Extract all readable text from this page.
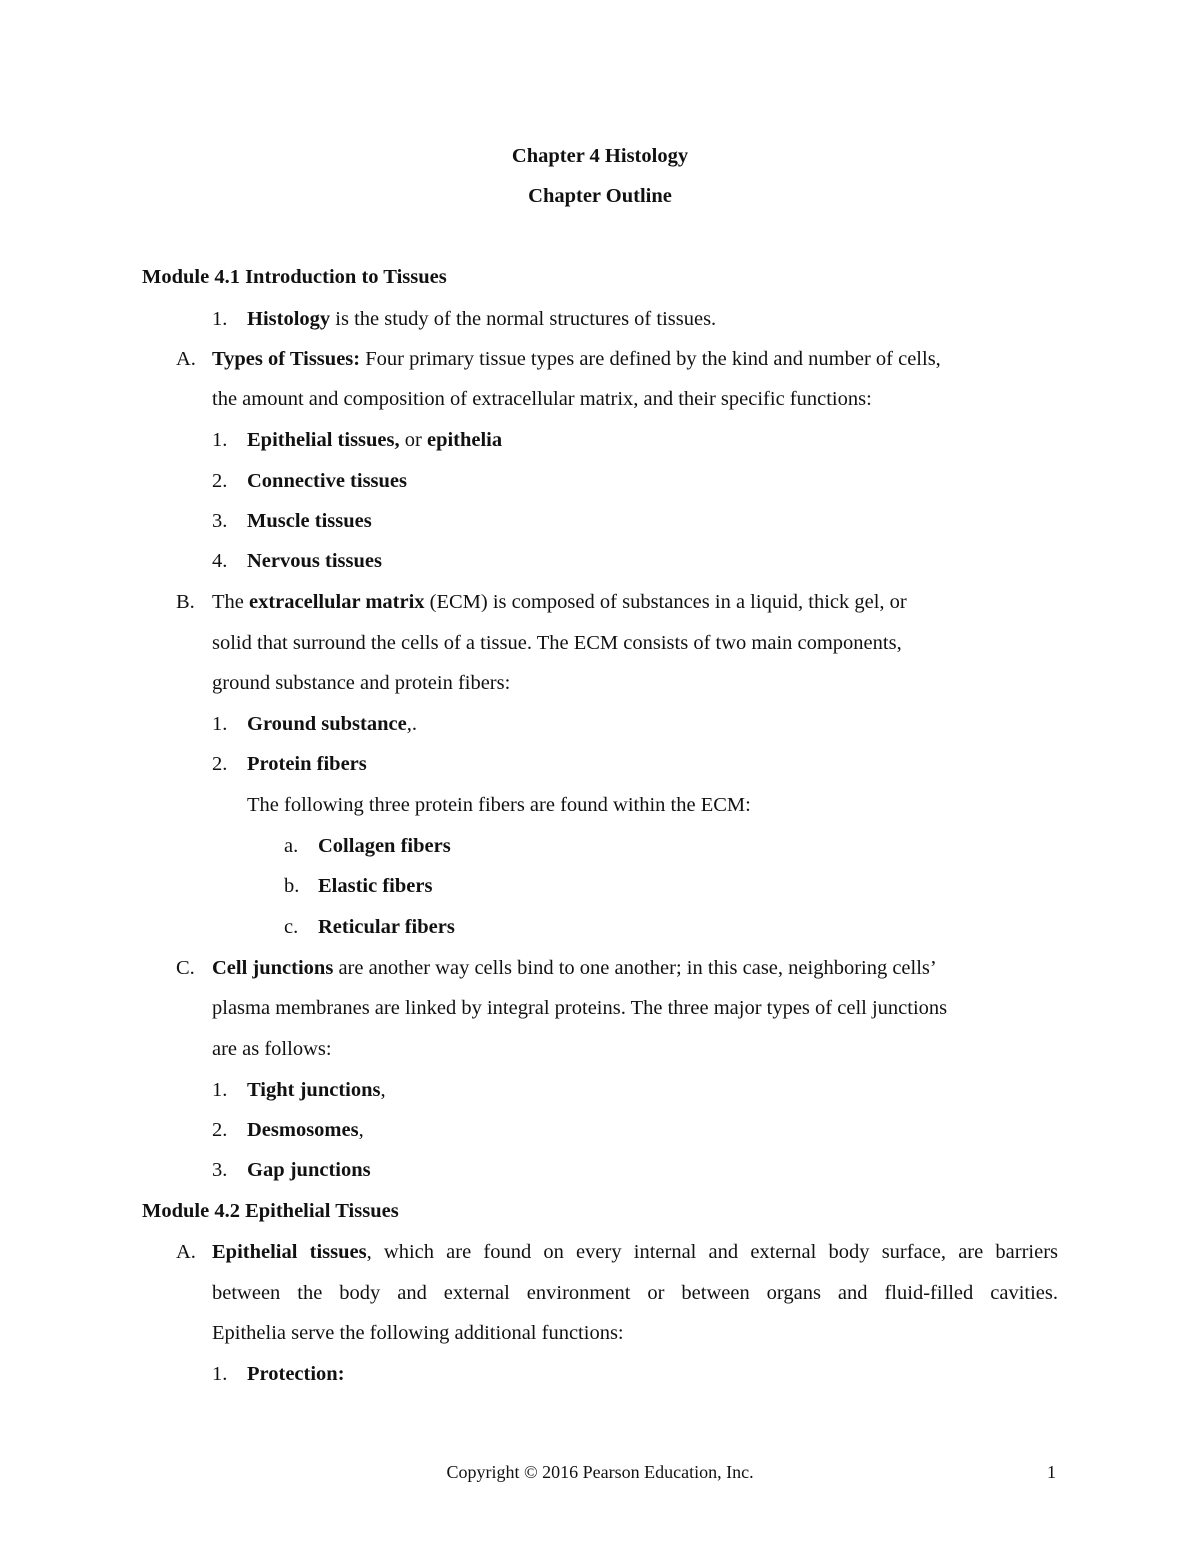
Chapter 4 Histology
Chapter Outline
Module 4.1 Introduction to Tissues
1. Histology is the study of the normal structures of tissues.
A. Types of Tissues: Four primary tissue types are defined by the kind and number of cells,
the amount and composition of extracellular matrix, and their specific functions:
1. Epithelial tissues, or epithelia
2. Connective tissues
3. Muscle tissues
4. Nervous tissues
B. The extracellular matrix (ECM) is composed of substances in a liquid, thick gel, or
solid that surround the cells of a tissue. The ECM consists of two main components,
ground substance and protein fibers:
1. Ground substance,.
2. Protein fibers
The following three protein fibers are found within the ECM:
a. Collagen fibers
b. Elastic fibers
c. Reticular fibers
C. Cell junctions are another way cells bind to one another; in this case, neighboring cells’
plasma membranes are linked by integral proteins. The three major types of cell junctions
are as follows:
1. Tight junctions,
2. Desmosomes,
3. Gap junctions
Module 4.2 Epithelial Tissues
A. Epithelial tissues, which are found on every internal and external body surface, are barriers
between the body and external environment or between organs and fluid-filled cavities.
Epithelia serve the following additional functions:
1. Protection:
Copyright © 2016 Pearson Education, Inc.	1
